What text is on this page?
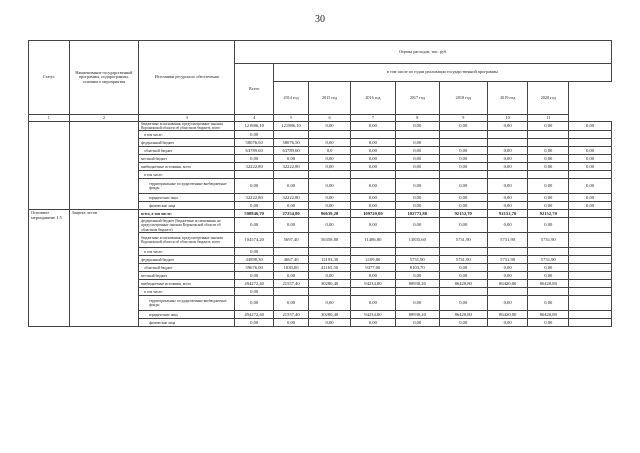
30
Статус	Наименование государственной программы, подпрограммы, основного мероприятия	Источники ресурсного обеспечения	Оценка расходов, тыс. руб.								
			Всего	в том числе по годам реализации государственной программы							
				2014 год	2015 год	2016 год	2017 год	2018 год	2019 год	2020 год	
1	2	3	4	5	6	7	8	9	10	11	
		бюджетные ассигнования, предусмотренные законом Воронежской области об областном бюджете, всего	121886,10	121886,10	0,00	0,00	0,00	0,00	0,00	0,00	0,00
		в том числе:	0,00								
		федеральный бюджет	58076,50	58076,50	0,00	0,00	0,00				
		областной бюджет	63789,60	63789,60	0,0	0,00	0,00	0,00	0,00	0,00	0,00
		местный бюджет	0,00	0,00	0,00	0,00	0,00	0,00	0,00	0,00	0,00
		внебюджетные источники, всего	32222,80	32222,80	0,00	0,00	0,00	0,00	0,00	0,00	0,00
		в том числе:									
		территориальные государственные внебюджетные фонды	0,00	0,00	0,00	0,00	0,00	0,00	0,00	0,00	0,00
		юридические лица	32222,80	32222,80	0,00	0,00	0,00	0,00	0,00	0,00	0,00
		физические лица	0,00	0,00	0,00	0,00	0,00	0,00	0,00	0,00	0,00
Основное мероприятие 1.5	Защита лесов	всего, в том числе:	598846,70	27254,80	86639,20	109720,80	102773,80	92152,70	92152,70	92152,70	
		федеральный бюджет (бюджетные ассигнования, не предусмотренные законом Воронежской области об областном бюджете)	0,00	0,00	0,00	0,00	0,00	0,00	0,00	0,00	
		бюджетные ассигнования, предусмотренные законом Воронежской области об областном бюджете, всего	104574,20	5697,40	56358,80	11486,80	13835,60	5731,90	5731,90	5731,90	
		в том числе:	0,00								
		федеральный бюджет	44898,30	4667,40	15193,30	2109,80	5731,90	5731,90	5731,90	5731,90	
		областной бюджет	59676,00	1030,00	41165,50	9377,00	8103,70	0,00	0,00	0,00	
		местный бюджет	0,00	0,00	0,00	0,00	0,00	0,00	0,00	0,00	
		внебюджетные источники, всего	494272,40	21557,40	30280,40	94234,00	88938,20	86420,80	86420,80	86420,80	
		в том числе:	0,00								
		территориальные государственные внебюджетные фонды	0,00	0,00	0,00	0,00	0,00	0,00	0,00	0,00	
		юридические лица	494272,40	21557,40	30280,40	94234,00	88938,20	86420,80	86420,80	86420,80	
		физические лица	0,00	0,00	0,00	0,00	0,00	0,00	0,00	0,00	
